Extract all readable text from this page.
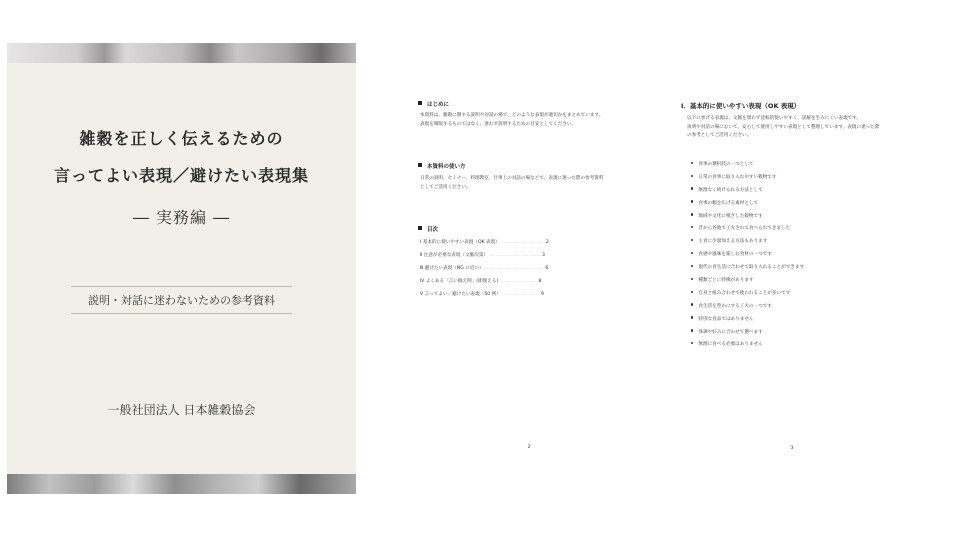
雑穀を正しく伝えるための
言ってよい表現／避けたい表現集
― 実務編 ―
説明・対話に迷わないための参考資料
一般社団法人 日本雑穀協会
はじめに
本資料は、雑穀に関する説明や対話の場で、どのような表現が適切かをまとめています。
表現を制限するものではなく、迷わず説明するための目安としてください。
本資料の使い方
日常の説明、セミナー、料理教室、仕事上の対話の場などで、表現に迷った際の参考資料
としてご活用ください。
目次
Ⅰ 基本的に使いやすい表現（OK 表現） ...................... 2
Ⅱ 注意が必要な表現（文脈次第） .......................... 3
Ⅲ 避けたい表現（NG に近い） .............................. 6
Ⅳ よくある「言い換え例」(即使える) ................... 8
Ⅴ 言ってよい／避けたい表現（50 例） ................... 9
2
Ⅰ．基本的に使いやすい表現（OK 表現）
以下に挙げる表現は、文脈を問わず比較的使いやすく、誤解を生みにくい表現です。
説明や対話の場において、安心して使用しやすい表現として整理しています。表現に迷った際
の参考としてご活用ください。
食事の選択肢の一つとして
日常の食事に取り入れやすい穀物です
無理なく続けられる方法として
食事の幅を広げる素材として
地域や文化に根ざした穀物です
昔から各地で工夫されて食べられてきました
主食に少量加える方法もあります
食感や風味を楽しむ食材の一つです
現代の食生活に合わせて取り入れることができます
種類ごとに特徴があります
自身と組み合わせて使われることが多いです
食生活を豊かにする工夫の一つです
特別な食品ではありません
体調や好みに合わせて選べます
無理に食べる必要はありません
3
